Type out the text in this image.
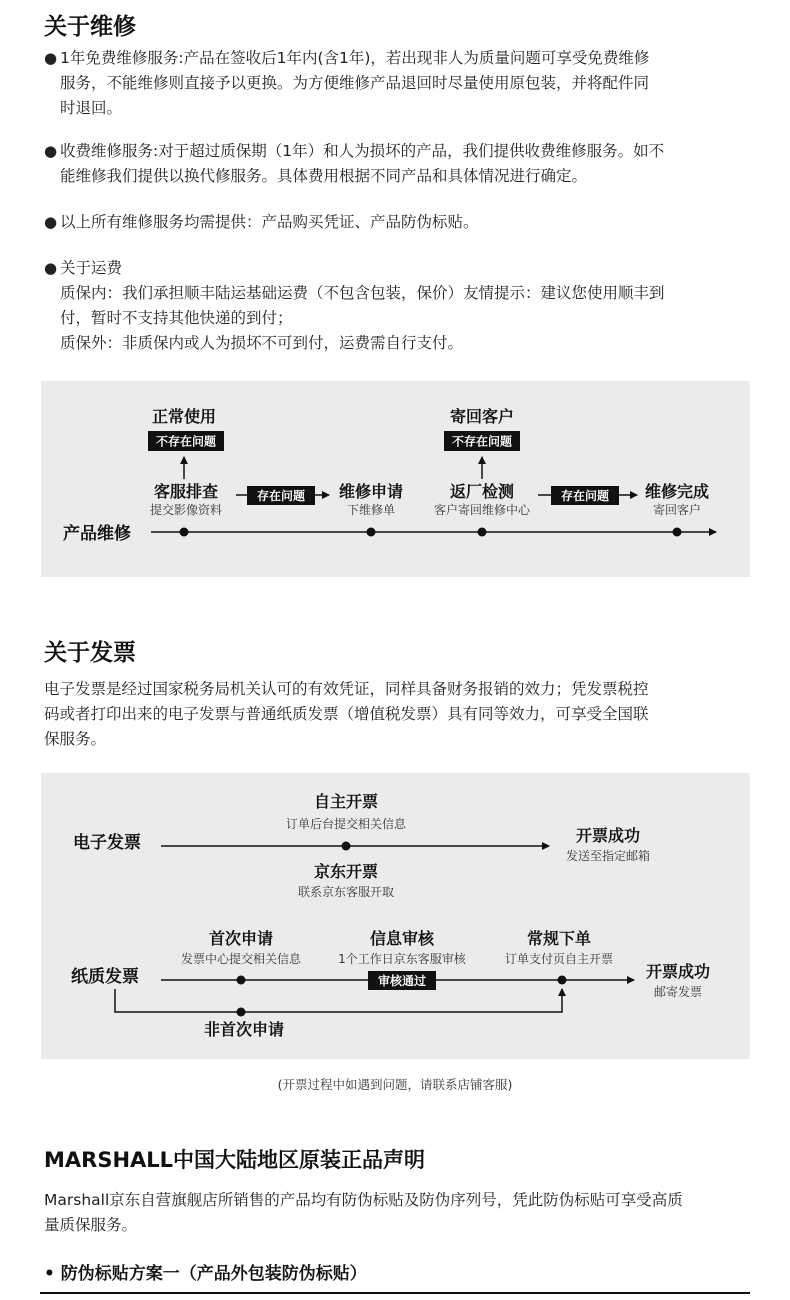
关于维修
● 1年免费维修服务:产品在签收后1年内(含1年)，若出现非人为质量问题可享受免费维修
服务，不能维修则直接予以更换。为方便维修产品退回时尽量使用原包装，并将配件同
时退回。
● 收费维修服务:对于超过质保期（1年）和人为损坏的产品，我们提供收费维修服务。如不
能维修我们提供以换代修服务。具体费用根据不同产品和具体情况进行确定。
● 以上所有维修服务均需提供：产品购买凭证、产品防伪标贴。
● 关于运费
质保内：我们承担顺丰陆运基础运费（不包含包装，保价）友情提示：建议您使用顺丰到
付，暂时不支持其他快递的到付；
质保外：非质保内或人为损坏不可到付，运费需自行支付。
产品维修
正常使用
不存在问题
寄回客户
不存在问题
客服排查
提交影像资料
存在问题 维修申请
下维修单
返厂检测
客户寄回维修中心
存在问题 维修完成
寄回客户
关于发票
电子发票是经过国家税务局机关认可的有效凭证，同样具备财务报销的效力；凭发票税控
码或者打印出来的电子发票与普通纸质发票（增值税发票）具有同等效力，可享受全国联
保服务。
电子发票
自主开票
订单后台提交相关信息
京东开票
联系京东客服开取
开票成功
发送至指定邮箱
纸质发票
首次申请
发票中心提交相关信息
信息审核
1个工作日京东客服审核
审核通过
常规下单
订单支付页自主开票
开票成功
邮寄发票
非首次申请
(开票过程中如遇到问题，请联系店铺客服)
MARSHALL中国大陆地区原装正品声明
Marshall京东自营旗舰店所销售的产品均有防伪标贴及防伪序列号，凭此防伪标贴可享受高质
量质保服务。
• 防伪标贴方案一（产品外包装防伪标贴）
